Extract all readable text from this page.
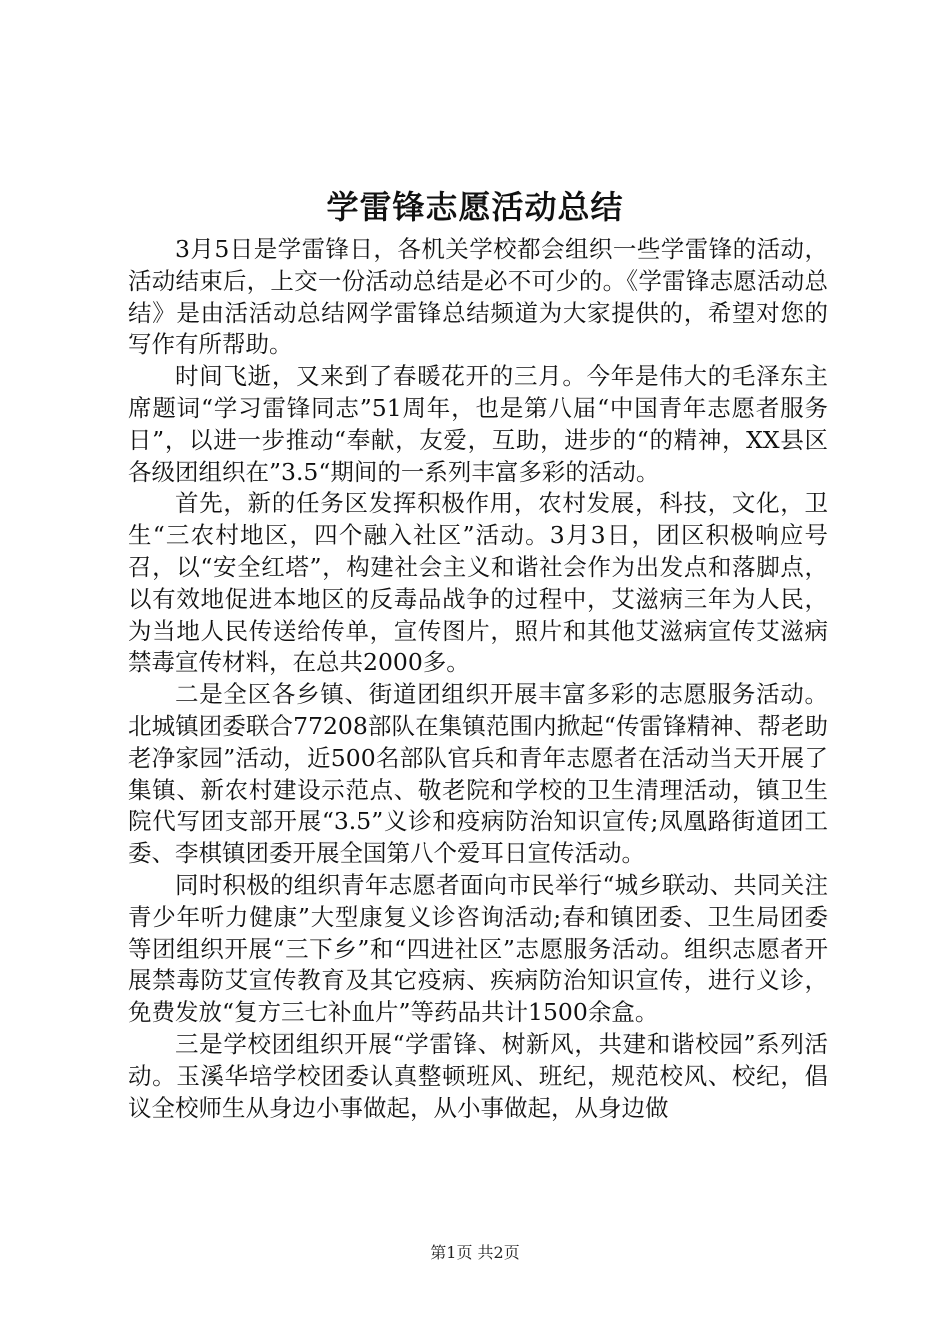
学雷锋志愿活动总结

3月5日是学雷锋日，各机关学校都会组织一些学雷锋的活动，活动结束后，上交一份活动总结是必不可少的。《学雷锋志愿活动总结》是由活活动总结网学雷锋总结频道为大家提供的，希望对您的写作有所帮助。

时间飞逝，又来到了春暖花开的三月。今年是伟大的毛泽东主席题词“学习雷锋同志”51周年，也是第八届“中国青年志愿者服务日”，以进一步推动“奉献，友爱，互助，进步的“的精神，XX县区各级团组织在”3.5“期间的一系列丰富多彩的活动。

首先，新的任务区发挥积极作用，农村发展，科技，文化，卫生“三农村地区，四个融入社区”活动。3月3日，团区积极响应号召，以“安全红塔”，构建社会主义和谐社会作为出发点和落脚点，以有效地促进本地区的反毒品战争的过程中，艾滋病三年为人民，为当地人民传送给传单，宣传图片，照片和其他艾滋病宣传艾滋病禁毒宣传材料，在总共2000多。

二是全区各乡镇、街道团组织开展丰富多彩的志愿服务活动。北城镇团委联合77208部队在集镇范围内掀起“传雷锋精神、帮老助老净家园”活动，近500名部队官兵和青年志愿者在活动当天开展了集镇、新农村建设示范点、敬老院和学校的卫生清理活动，镇卫生院代写团支部开展“3.5”义诊和疫病防治知识宣传;凤凰路街道团工委、李棋镇团委开展全国第八个爱耳日宣传活动。

同时积极的组织青年志愿者面向市民举行“城乡联动、共同关注青少年听力健康”大型康复义诊咨询活动;春和镇团委、卫生局团委等团组织开展“三下乡”和“四进社区”志愿服务活动。组织志愿者开展禁毒防艾宣传教育及其它疫病、疾病防治知识宣传，进行义诊，免费发放“复方三七补血片”等药品共计1500余盒。

三是学校团组织开展“学雷锋、树新风，共建和谐校园”系列活动。玉溪华培学校团委认真整顿班风、班纪，规范校风、校纪，倡议全校师生从身边小事做起，从小事做起，从身边做

第1页 共2页
